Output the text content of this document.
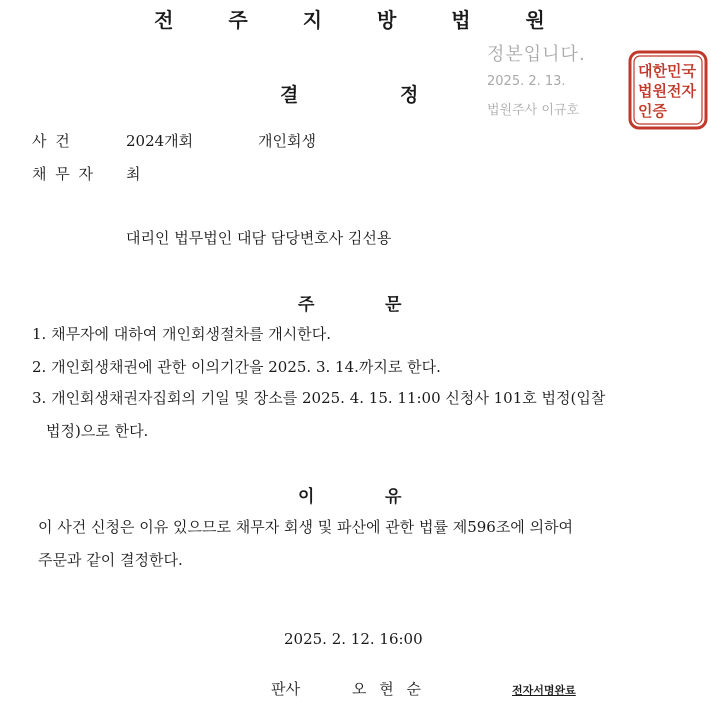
전 주 지 방 법 원
결	정
정본입니다.
2025. 2. 13.
법원주사 이규호
대한민국
법원전자
인증
사 건	2024개회	개인회생
채 무 자 최
대리인 법무법인 대담 담당변호사 김선용
주	문
1. 채무자에 대하여 개인회생절차를 개시한다.
2. 개인회생채권에 관한 이의기간을 2025. 3. 14.까지로 한다.
3. 개인회생채권자집회의 기일 및 장소를 2025. 4. 15. 11:00 신청사 101호 법정(입찰
법정)으로 한다.
이	유
이 사건 신청은 이유 있으므로 채무자 회생 및 파산에 관한 법률 제596조에 의하여
주문과 같이 결정한다.
2025. 2. 12. 16:00
판사	오 현 순	전자서명완료
